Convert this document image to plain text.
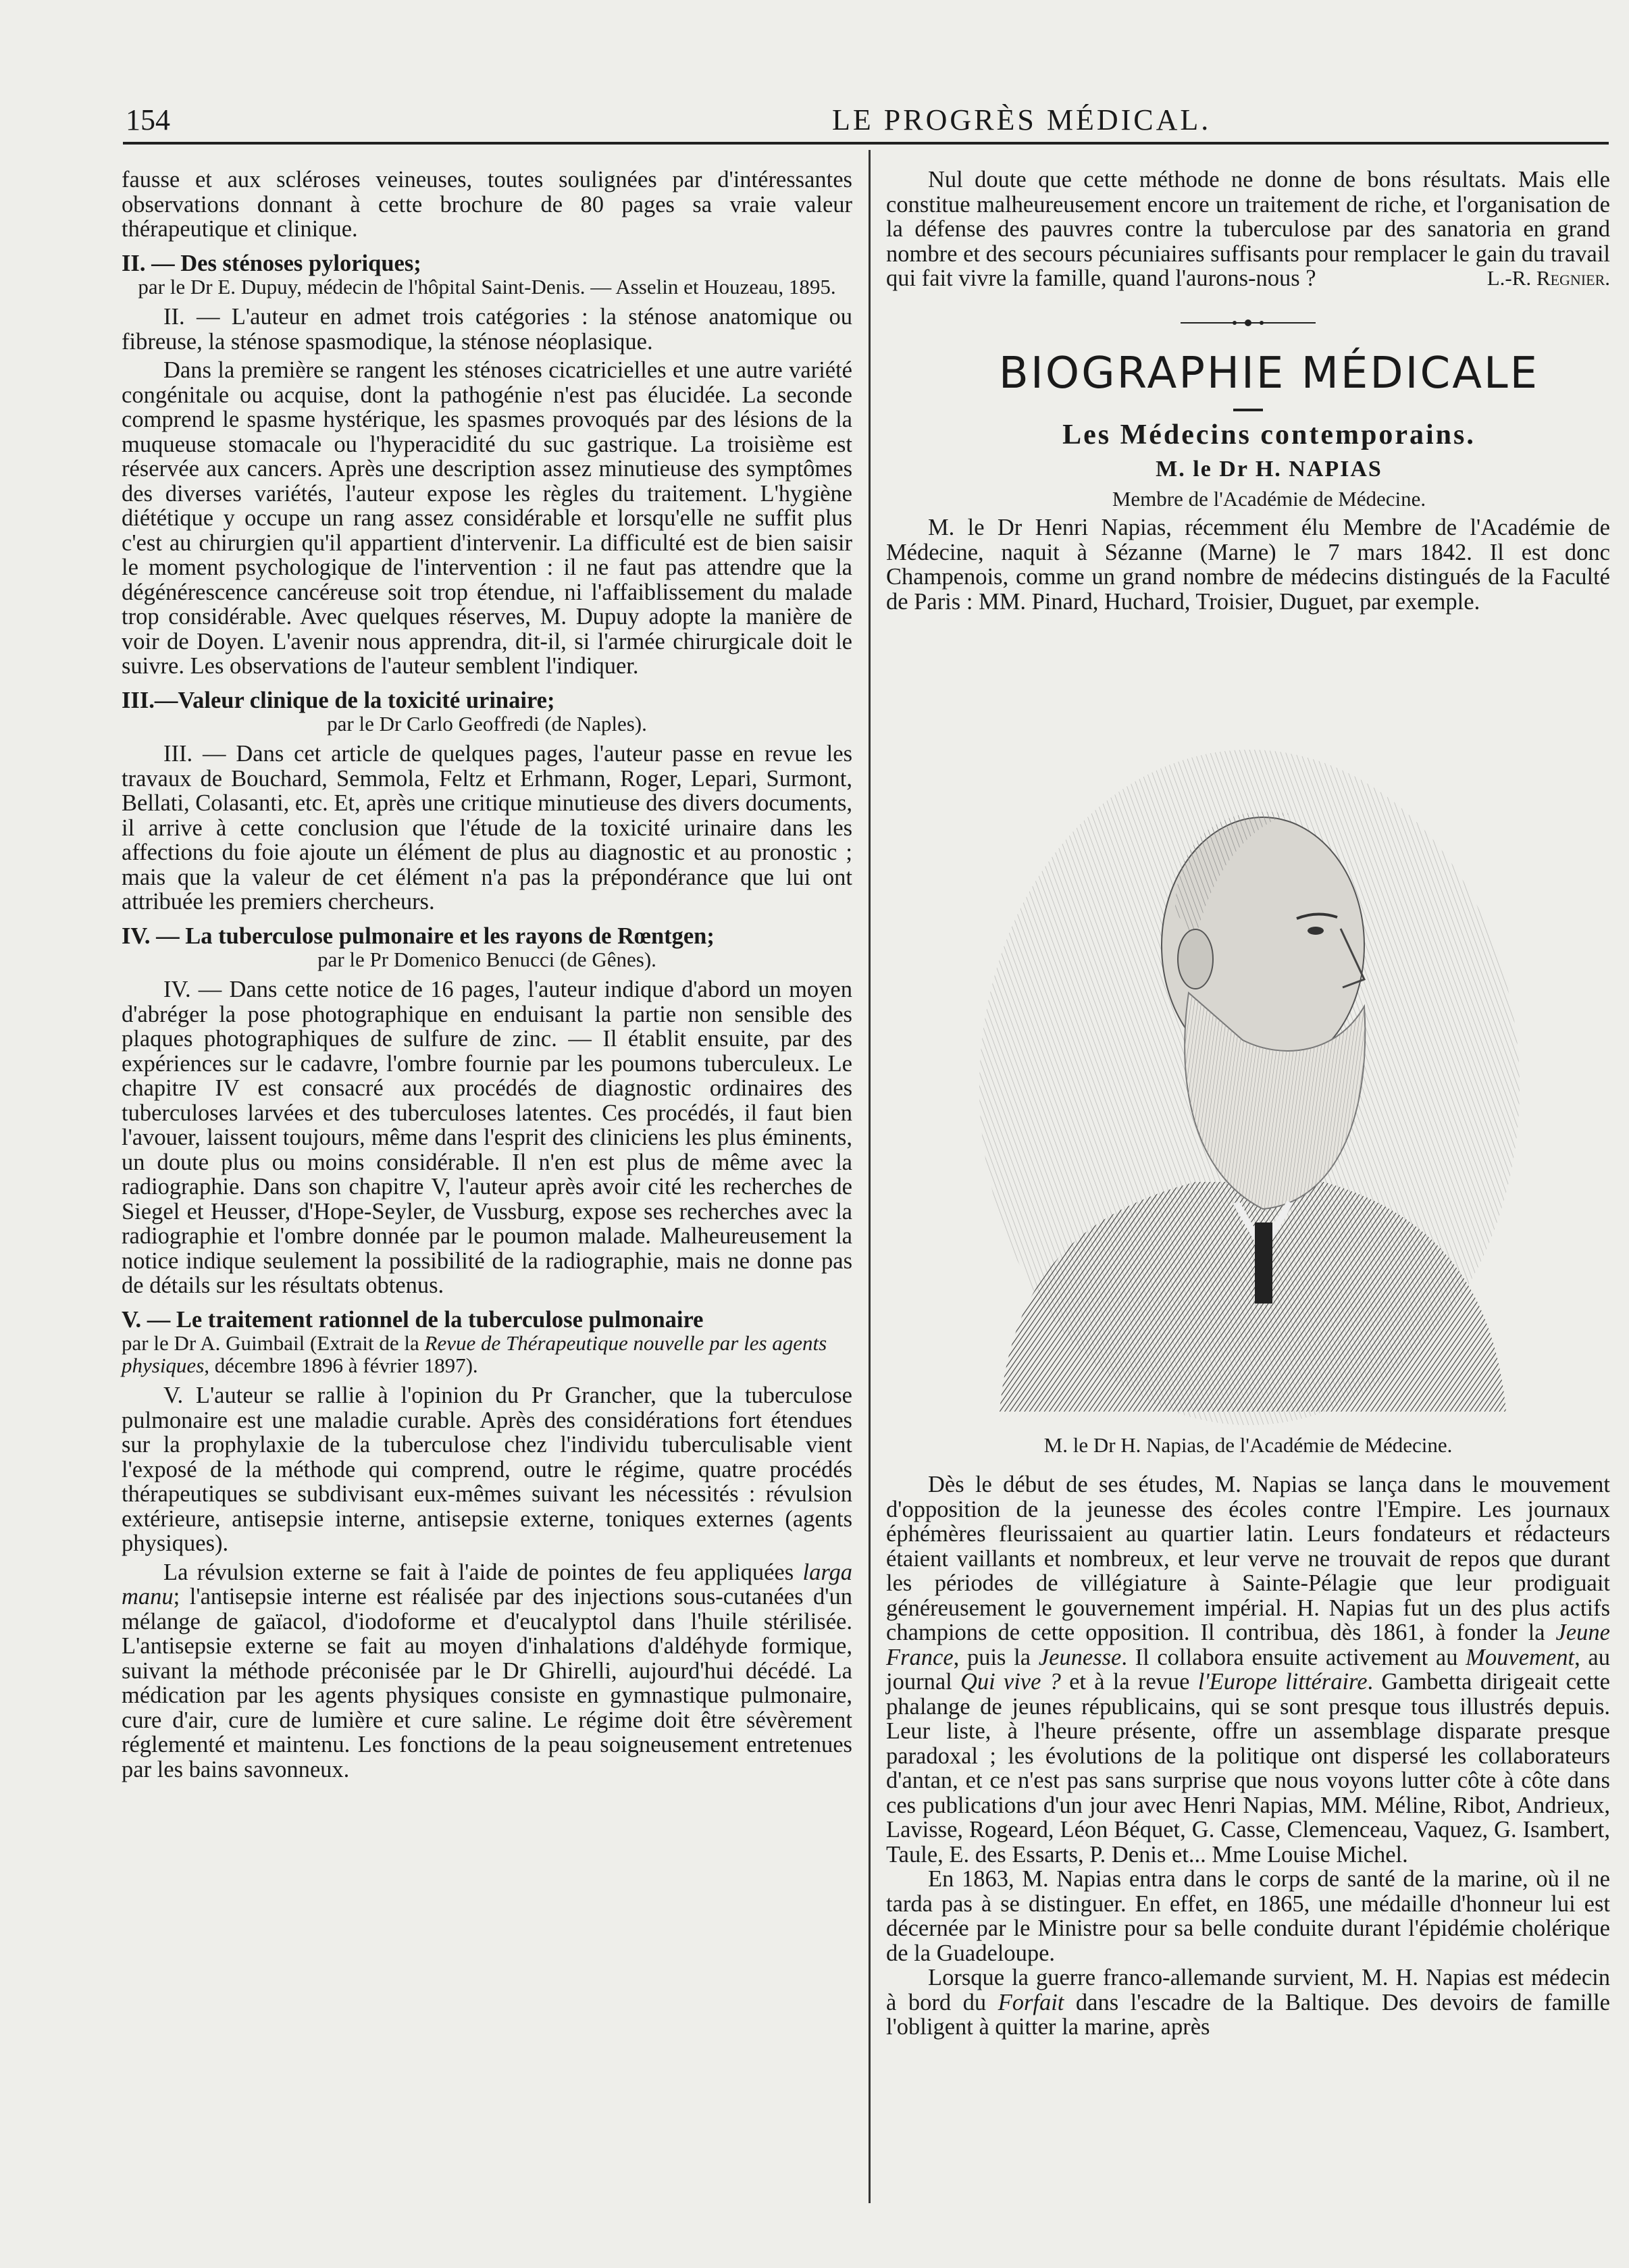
154	LE PROGRÈS MÉDICAL.

fausse et aux scléroses veineuses, toutes soulignées par d'intéressantes observations donnant à cette brochure de 80 pages sa vraie valeur thérapeutique et clinique.

II. — Des sténoses pyloriques;

par le Dr E. Dupuy, médecin de l'hôpital Saint-Denis. — Asselin et Houzeau, 1895.

II. — L'auteur en admet trois catégories : la sténose anatomique ou fibreuse, la sténose spasmodique, la sténose néoplasique.

Dans la première se rangent les sténoses cicatricielles et une autre variété congénitale ou acquise, dont la pathogénie n'est pas élucidée. La seconde comprend le spasme hystérique, les spasmes provoqués par des lésions de la muqueuse stomacale ou l'hyperacidité du suc gastrique. La troisième est réservée aux cancers. Après une description assez minutieuse des symptômes des diverses variétés, l'auteur expose les règles du traitement. L'hygiène diététique y occupe un rang assez considérable et lorsqu'elle ne suffit plus c'est au chirurgien qu'il appartient d'intervenir. La difficulté est de bien saisir le moment psychologique de l'intervention : il ne faut pas attendre que la dégénérescence cancéreuse soit trop étendue, ni l'affaiblissement du malade trop considérable. Avec quelques réserves, M. Dupuy adopte la manière de voir de Doyen. L'avenir nous apprendra, dit-il, si l'armée chirurgicale doit le suivre. Les observations de l'auteur semblent l'indiquer.

III.—Valeur clinique de la toxicité urinaire;

par le Dr Carlo Geoffredi (de Naples).

III. — Dans cet article de quelques pages, l'auteur passe en revue les travaux de Bouchard, Semmola, Feltz et Erhmann, Roger, Lepari, Surmont, Bellati, Colasanti, etc. Et, après une critique minutieuse des divers documents, il arrive à cette conclusion que l'étude de la toxicité urinaire dans les affections du foie ajoute un élément de plus au diagnostic et au pronostic ; mais que la valeur de cet élément n'a pas la prépondérance que lui ont attribuée les premiers chercheurs.

IV. — La tuberculose pulmonaire et les rayons de Rœntgen;

par le Pr Domenico Benucci (de Gênes).

IV. — Dans cette notice de 16 pages, l'auteur indique d'abord un moyen d'abréger la pose photographique en enduisant la partie non sensible des plaques photographiques de sulfure de zinc. — Il établit ensuite, par des expériences sur le cadavre, l'ombre fournie par les poumons tuberculeux. Le chapitre IV est consacré aux procédés de diagnostic ordinaires des tuberculoses larvées et des tuberculoses latentes. Ces procédés, il faut bien l'avouer, laissent toujours, même dans l'esprit des cliniciens les plus éminents, un doute plus ou moins considérable. Il n'en est plus de même avec la radiographie. Dans son chapitre V, l'auteur après avoir cité les recherches de Siegel et Heusser, d'Hope-Seyler, de Vussburg, expose ses recherches avec la radiographie et l'ombre donnée par le poumon malade. Malheureusement la notice indique seulement la possibilité de la radiographie, mais ne donne pas de détails sur les résultats obtenus.

V. — Le traitement rationnel de la tuberculose pulmonaire

par le Dr A. Guimbail (Extrait de la Revue de Thérapeutique nouvelle par les agents physiques, décembre 1896 à février 1897).

V. L'auteur se rallie à l'opinion du Pr Grancher, que la tuberculose pulmonaire est une maladie curable. Après des considérations fort étendues sur la prophylaxie de la tuberculose chez l'individu tuberculisable vient l'exposé de la méthode qui comprend, outre le régime, quatre procédés thérapeutiques se subdivisant eux-mêmes suivant les nécessités : révulsion extérieure, antisepsie interne, antisepsie externe, toniques externes (agents physiques).

La révulsion externe se fait à l'aide de pointes de feu appliquées larga manu; l'antisepsie interne est réalisée par des injections sous-cutanées d'un mélange de gaïacol, d'iodoforme et d'eucalyptol dans l'huile stérilisée. L'antisepsie externe se fait au moyen d'inhalations d'aldéhyde formique, suivant la méthode préconisée par le Dr Ghirelli, aujourd'hui décédé. La médication par les agents physiques consiste en gymnastique pulmonaire, cure d'air, cure de lumière et cure saline. Le régime doit être sévèrement réglementé et maintenu. Les fonctions de la peau soigneusement entretenues par les bains savonneux.

Nul doute que cette méthode ne donne de bons résultats. Mais elle constitue malheureusement encore un traitement de riche, et l'organisation de la défense des pauvres contre la tuberculose par des sanatoria en grand nombre et des secours pécuniaires suffisants pour remplacer le gain du travail qui fait vivre la famille, quand l'aurons-nous ?	L.-R. Regnier.

BIOGRAPHIE MÉDICALE

Les Médecins contemporains.

M. le Dr H. NAPIAS

Membre de l'Académie de Médecine.

M. le Dr Henri Napias, récemment élu Membre de l'Académie de Médecine, naquit à Sézanne (Marne) le 7 mars 1842. Il est donc Champenois, comme un grand nombre de médecins distingués de la Faculté de Paris : MM. Pinard, Huchard, Troisier, Duguet, par exemple.

M. le Dr H. Napias, de l'Académie de Médecine.

Dès le début de ses études, M. Napias se lança dans le mouvement d'opposition de la jeunesse des écoles contre l'Empire. Les journaux éphémères fleurissaient au quartier latin. Leurs fondateurs et rédacteurs étaient vaillants et nombreux, et leur verve ne trouvait de repos que durant les périodes de villégiature à Sainte-Pélagie que leur prodiguait généreusement le gouvernement impérial. H. Napias fut un des plus actifs champions de cette opposition. Il contribua, dès 1861, à fonder la Jeune France, puis la Jeunesse. Il collabora ensuite activement au Mouvement, au journal Qui vive ? et à la revue l'Europe littéraire. Gambetta dirigeait cette phalange de jeunes républicains, qui se sont presque tous illustrés depuis. Leur liste, à l'heure présente, offre un assemblage disparate presque paradoxal ; les évolutions de la politique ont dispersé les collaborateurs d'antan, et ce n'est pas sans surprise que nous voyons lutter côte à côte dans ces publications d'un jour avec Henri Napias, MM. Méline, Ribot, Andrieux, Lavisse, Rogeard, Léon Béquet, G. Casse, Clemenceau, Vaquez, G. Isambert, Taule, E. des Essarts, P. Denis et... Mme Louise Michel.

En 1863, M. Napias entra dans le corps de santé de la marine, où il ne tarda pas à se distinguer. En effet, en 1865, une médaille d'honneur lui est décernée par le Ministre pour sa belle conduite durant l'épidémie cholérique de la Guadeloupe.

Lorsque la guerre franco-allemande survient, M. H. Napias est médecin à bord du Forfait dans l'escadre de la Baltique. Des devoirs de famille l'obligent à quitter la marine, après
